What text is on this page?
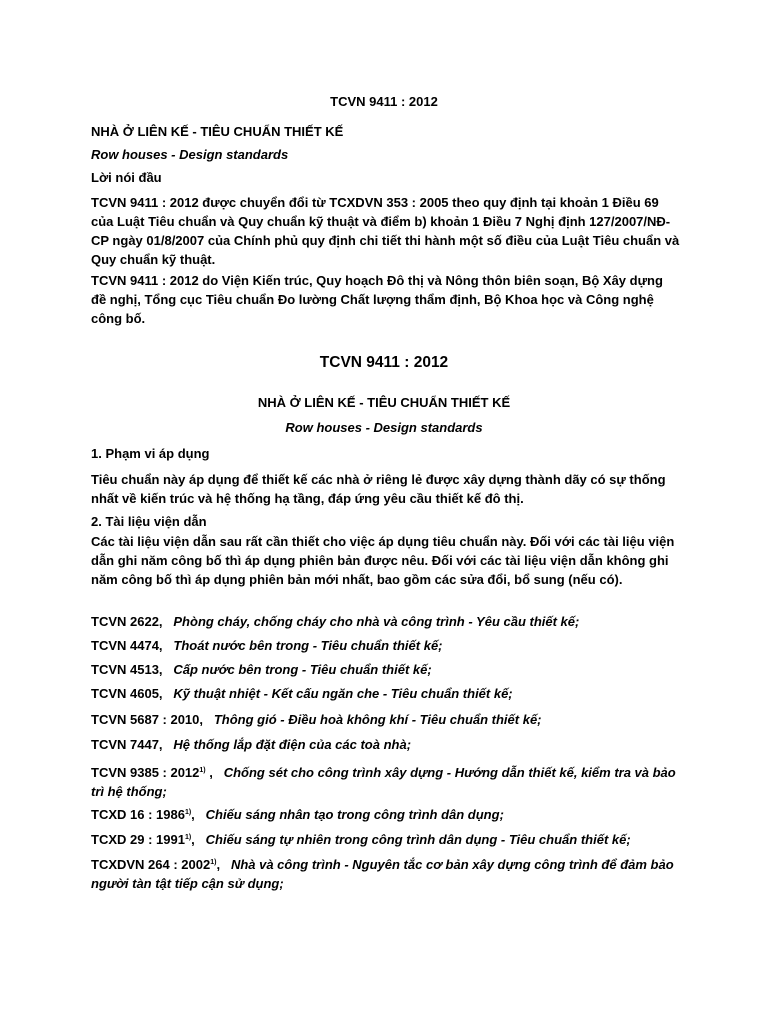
TCVN 9411 : 2012

NHÀ Ở LIÊN KẾ - TIÊU CHUẨN THIẾT KẾ

Row houses - Design standards

Lời nói đầu

TCVN 9411 : 2012 được chuyển đổi từ TCXDVN 353 : 2005 theo quy định tại khoản 1 Điều 69 của Luật Tiêu chuẩn và Quy chuẩn kỹ thuật và điểm b) khoản 1 Điều 7 Nghị định 127/2007/NĐ- CP ngày 01/8/2007 của Chính phủ quy định chi tiết thi hành một số điều của Luật Tiêu chuẩn và Quy chuẩn kỹ thuật.

TCVN 9411 : 2012 do Viện Kiến trúc, Quy hoạch Đô thị và Nông thôn biên soạn, Bộ Xây dựng đề nghị, Tổng cục Tiêu chuẩn Đo lường Chất lượng thẩm định, Bộ Khoa học và Công nghệ công bố.

TCVN 9411 : 2012

NHÀ Ở LIÊN KẾ - TIÊU CHUẨN THIẾT KẾ

Row houses - Design standards

1. Phạm vi áp dụng

Tiêu chuẩn này áp dụng để thiết kế các nhà ở riêng lẻ được xây dựng thành dãy có sự thống nhất về kiến trúc và hệ thống hạ tầng, đáp ứng yêu cầu thiết kế đô thị.

2. Tài liệu viện dẫn

Các tài liệu viện dẫn sau rất cần thiết cho việc áp dụng tiêu chuẩn này. Đối với các tài liệu viện dẫn ghi năm công bố thì áp dụng phiên bản được nêu. Đối với các tài liệu viện dẫn không ghi năm công bố thì áp dụng phiên bản mới nhất, bao gồm các sửa đổi, bổ sung (nếu có).

TCVN 2622, Phòng cháy, chống cháy cho nhà và công trình - Yêu cầu thiết kế;

TCVN 4474, Thoát nước bên trong - Tiêu chuẩn thiết kế;

TCVN 4513, Cấp nước bên trong - Tiêu chuẩn thiết kế;

TCVN 4605, Kỹ thuật nhiệt - Kết cấu ngăn che - Tiêu chuẩn thiết kế;

TCVN 5687 : 2010, Thông gió - Điều hoà không khí - Tiêu chuẩn thiết kế;

TCVN 7447, Hệ thống lắp đặt điện của các toà nhà;

TCVN 9385 : 2012$^{1)}$ , Chống sét cho công trình xây dựng - Hướng dẫn thiết kế, kiểm tra và bảo trì hệ thống;

TCXD 16 : 1986$^{1)}$, Chiếu sáng nhân tạo trong công trình dân dụng;

TCXD 29 : 1991$^{1)}$, Chiếu sáng tự nhiên trong công trình dân dụng - Tiêu chuẩn thiết kế;

TCXDVN 264 : 2002$^{1)}$, Nhà và công trình - Nguyên tắc cơ bản xây dựng công trình để đảm bảo người tàn tật tiếp cận sử dụng;
